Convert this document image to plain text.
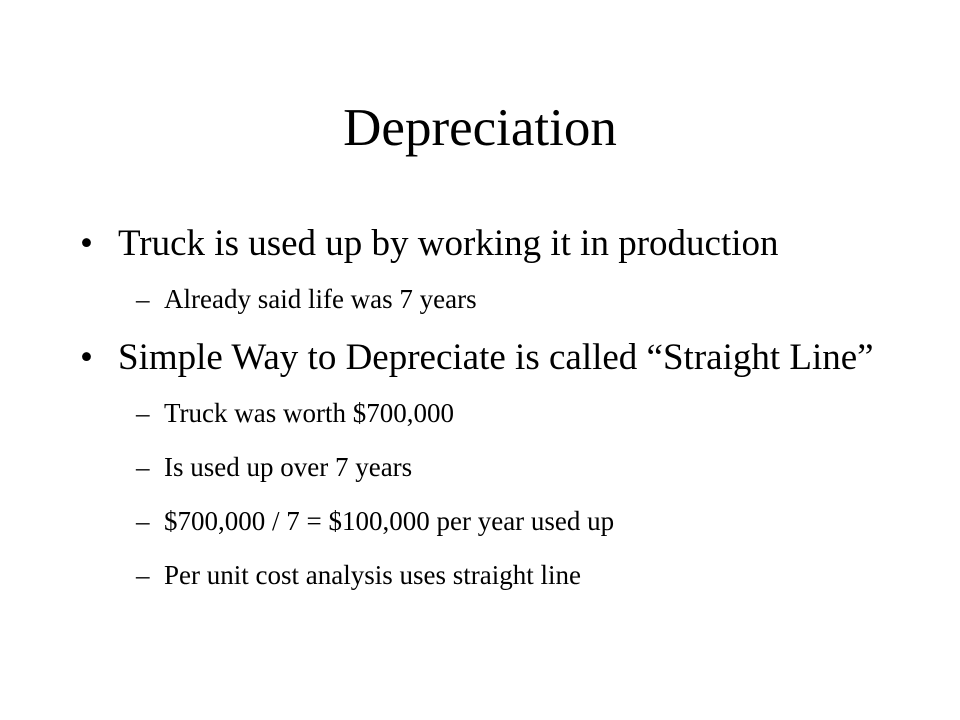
Depreciation
• Truck is used up by working it in production
– Already said life was 7 years
• Simple Way to Depreciate is called “Straight Line”
– Truck was worth $700,000
– Is used up over 7 years
– $700,000 / 7 = $100,000 per year used up
– Per unit cost analysis uses straight line
